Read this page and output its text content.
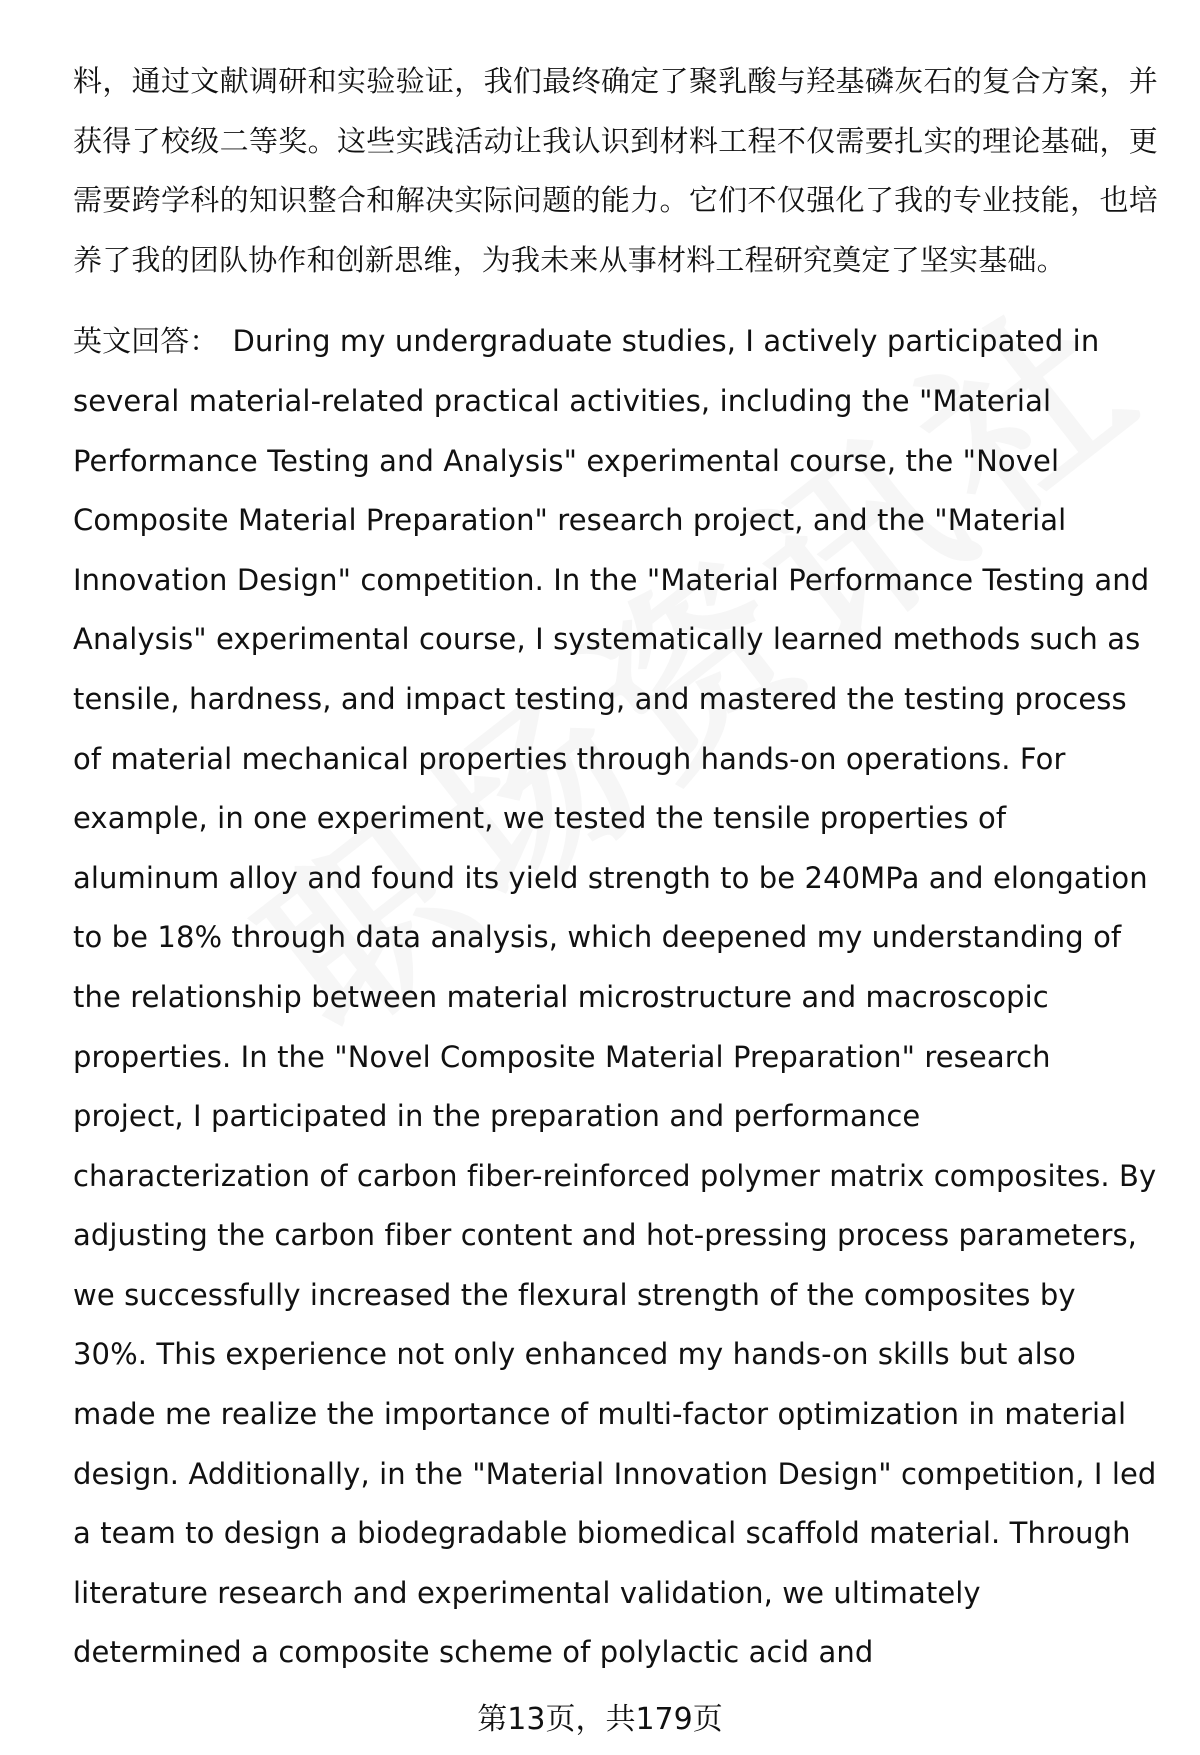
料，通过文献调研和实验验证，我们最终确定了聚乳酸与羟基磷灰石的复合方案，并获得了校级二等奖。这些实践活动让我认识到材料工程不仅需要扎实的理论基础，更需要跨学科的知识整合和解决实际问题的能力。它们不仅强化了我的专业技能，也培养了我的团队协作和创新思维，为我未来从事材料工程研究奠定了坚实基础。

英文回答： During my undergraduate studies, I actively participated in several material-related practical activities, including the "Material Performance Testing and Analysis" experimental course, the "Novel Composite Material Preparation" research project, and the "Material Innovation Design" competition. In the "Material Performance Testing and Analysis" experimental course, I systematically learned methods such as tensile, hardness, and impact testing, and mastered the testing process of material mechanical properties through hands-on operations. For example, in one experiment, we tested the tensile properties of aluminum alloy and found its yield strength to be 240MPa and elongation to be 18% through data analysis, which deepened my understanding of the relationship between material microstructure and macroscopic properties. In the "Novel Composite Material Preparation" research project, I participated in the preparation and performance characterization of carbon fiber-reinforced polymer matrix composites. By adjusting the carbon fiber content and hot-pressing process parameters, we successfully increased the flexural strength of the composites by 30%. This experience not only enhanced my hands-on skills but also made me realize the importance of multi-factor optimization in material design. Additionally, in the "Material Innovation Design" competition, I led a team to design a biodegradable biomedical scaffold material. Through literature research and experimental validation, we ultimately determined a composite scheme of polylactic acid and

第13页，共179页
